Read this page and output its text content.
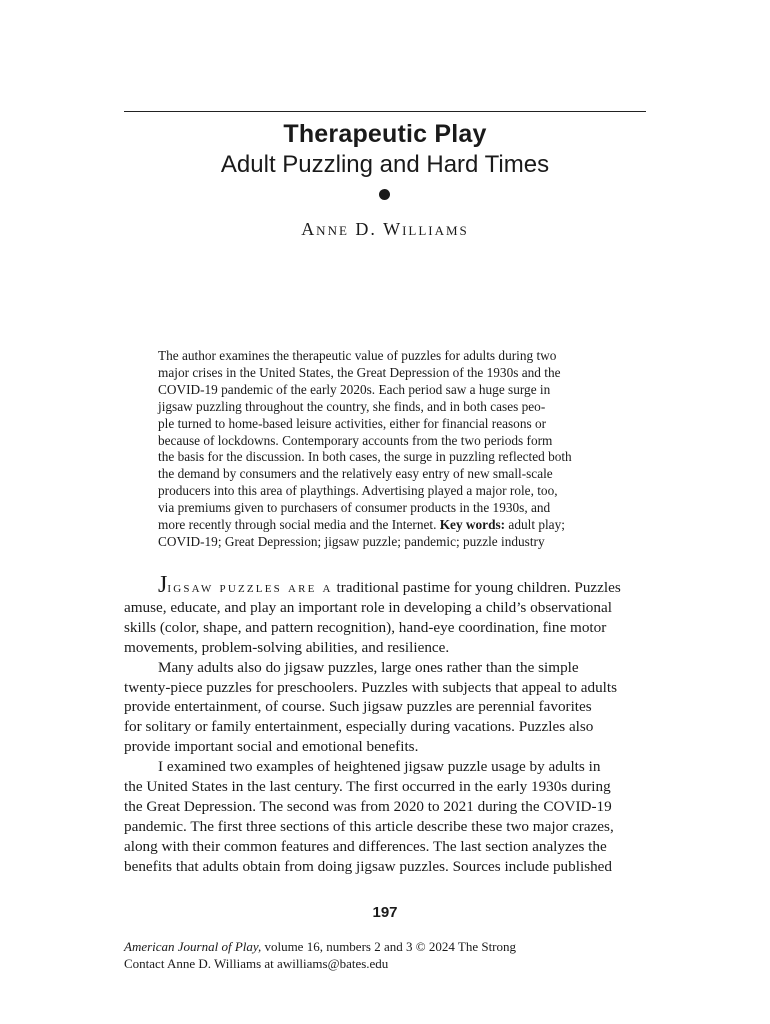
Therapeutic Play
Adult Puzzling and Hard Times
Anne D. Williams
The author examines the therapeutic value of puzzles for adults during two
major crises in the United States, the Great Depression of the 1930s and the
COVID-19 pandemic of the early 2020s. Each period saw a huge surge in
jigsaw puzzling throughout the country, she finds, and in both cases peo-
ple turned to home-based leisure activities, either for financial reasons or
because of lockdowns. Contemporary accounts from the two periods form
the basis for the discussion. In both cases, the surge in puzzling reflected both
the demand by consumers and the relatively easy entry of new small-scale
producers into this area of playthings. Advertising played a major role, too,
via premiums given to purchasers of consumer products in the 1930s, and
more recently through social media and the Internet. Key words: adult play;
COVID-19; Great Depression; jigsaw puzzle; pandemic; puzzle industry
Jigsaw puzzles are a traditional pastime for young children. Puzzles
amuse, educate, and play an important role in developing a child’s observational
skills (color, shape, and pattern recognition), hand-eye coordination, fine motor
movements, problem-solving abilities, and resilience.
Many adults also do jigsaw puzzles, large ones rather than the simple
twenty-piece puzzles for preschoolers. Puzzles with subjects that appeal to adults
provide entertainment, of course. Such jigsaw puzzles are perennial favorites
for solitary or family entertainment, especially during vacations. Puzzles also
provide important social and emotional benefits.
I examined two examples of heightened jigsaw puzzle usage by adults in
the United States in the last century. The first occurred in the early 1930s during
the Great Depression. The second was from 2020 to 2021 during the COVID-19
pandemic. The first three sections of this article describe these two major crazes,
along with their common features and differences. The last section analyzes the
benefits that adults obtain from doing jigsaw puzzles. Sources include published
197
American Journal of Play, volume 16, numbers 2 and 3 © 2024 The Strong
Contact Anne D. Williams at awilliams@bates.edu
